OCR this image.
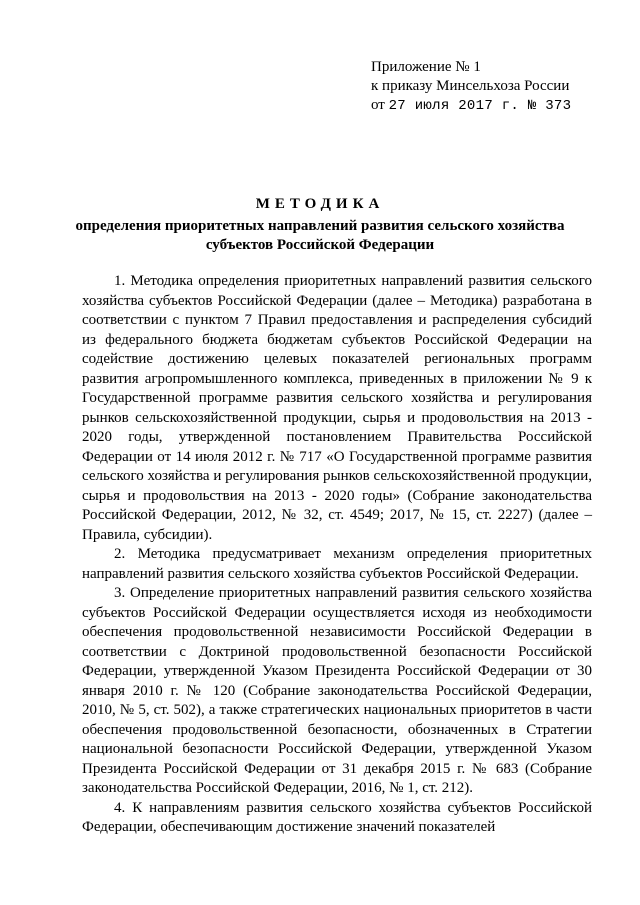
Приложение № 1
к приказу Минсельхоза России
от 27 июля 2017 г. № 373
МЕТОДИКА
определения приоритетных направлений развития сельского хозяйства
субъектов Российской Федерации

1. Методика определения приоритетных направлений развития сельского хозяйства субъектов Российской Федерации (далее – Методика) разработана в соответствии с пунктом 7 Правил предоставления и распределения субсидий из федерального бюджета бюджетам субъектов Российской Федерации на содействие достижению целевых показателей региональных программ развития агропромышленного комплекса, приведенных в приложении № 9 к Государственной программе развития сельского хозяйства и регулирования рынков сельскохозяйственной продукции, сырья и продовольствия на 2013 - 2020 годы, утвержденной постановлением Правительства Российской Федерации от 14 июля 2012 г. № 717 «О Государственной программе развития сельского хозяйства и регулирования рынков сельскохозяйственной продукции, сырья и продовольствия на 2013 - 2020 годы» (Собрание законодательства Российской Федерации, 2012, № 32, ст. 4549; 2017, № 15, ст. 2227) (далее – Правила, субсидии).

2. Методика предусматривает механизм определения приоритетных направлений развития сельского хозяйства субъектов Российской Федерации.

3. Определение приоритетных направлений развития сельского хозяйства субъектов Российской Федерации осуществляется исходя из необходимости обеспечения продовольственной независимости Российской Федерации в соответствии с Доктриной продовольственной безопасности Российской Федерации, утвержденной Указом Президента Российской Федерации от 30 января 2010 г. № 120 (Собрание законодательства Российской Федерации, 2010, № 5, ст. 502), а также стратегических национальных приоритетов в части обеспечения продовольственной безопасности, обозначенных в Стратегии национальной безопасности Российской Федерации, утвержденной Указом Президента Российской Федерации от 31 декабря 2015 г. № 683 (Собрание законодательства Российской Федерации, 2016, № 1, ст. 212).

4. К направлениям развития сельского хозяйства субъектов Российской Федерации, обеспечивающим достижение значений показателей
